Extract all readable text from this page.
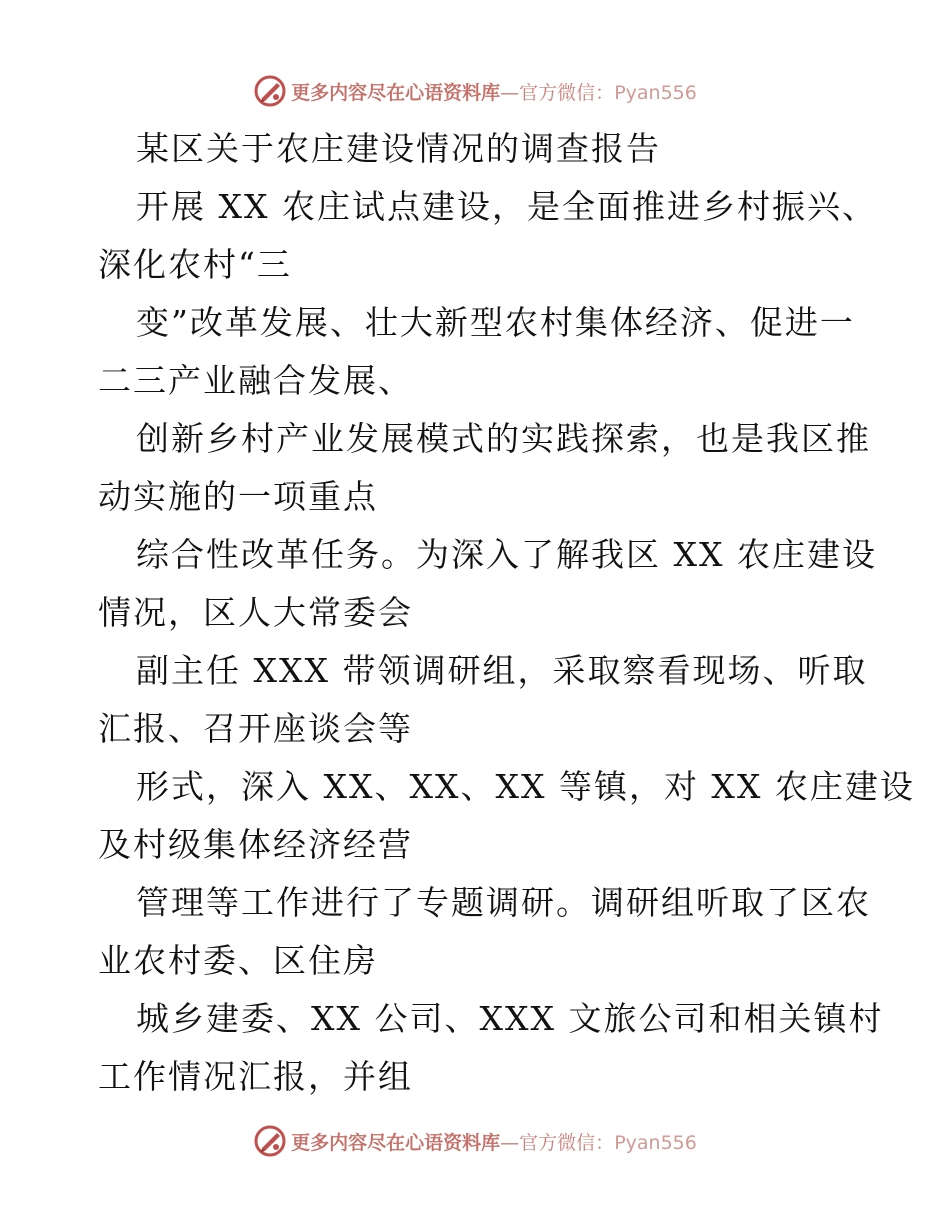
更多内容尽在心语资料库—官方微信：Pyan556
某区关于农庄建设情况的调查报告
开展 XX 农庄试点建设，是全面推进乡村振兴、
深化农村“三
变”改革发展、壮大新型农村集体经济、促进一
二三产业融合发展、
创新乡村产业发展模式的实践探索，也是我区推
动实施的一项重点
综合性改革任务。为深入了解我区 XX 农庄建设
情况，区人大常委会
副主任 XXX 带领调研组，采取察看现场、听取
汇报、召开座谈会等
形式，深入 XX、XX、XX 等镇，对 XX 农庄建设
及村级集体经济经营
管理等工作进行了专题调研。调研组听取了区农
业农村委、区住房
城乡建委、XX 公司、XXX 文旅公司和相关镇村
工作情况汇报，并组
更多内容尽在心语资料库—官方微信：Pyan556
